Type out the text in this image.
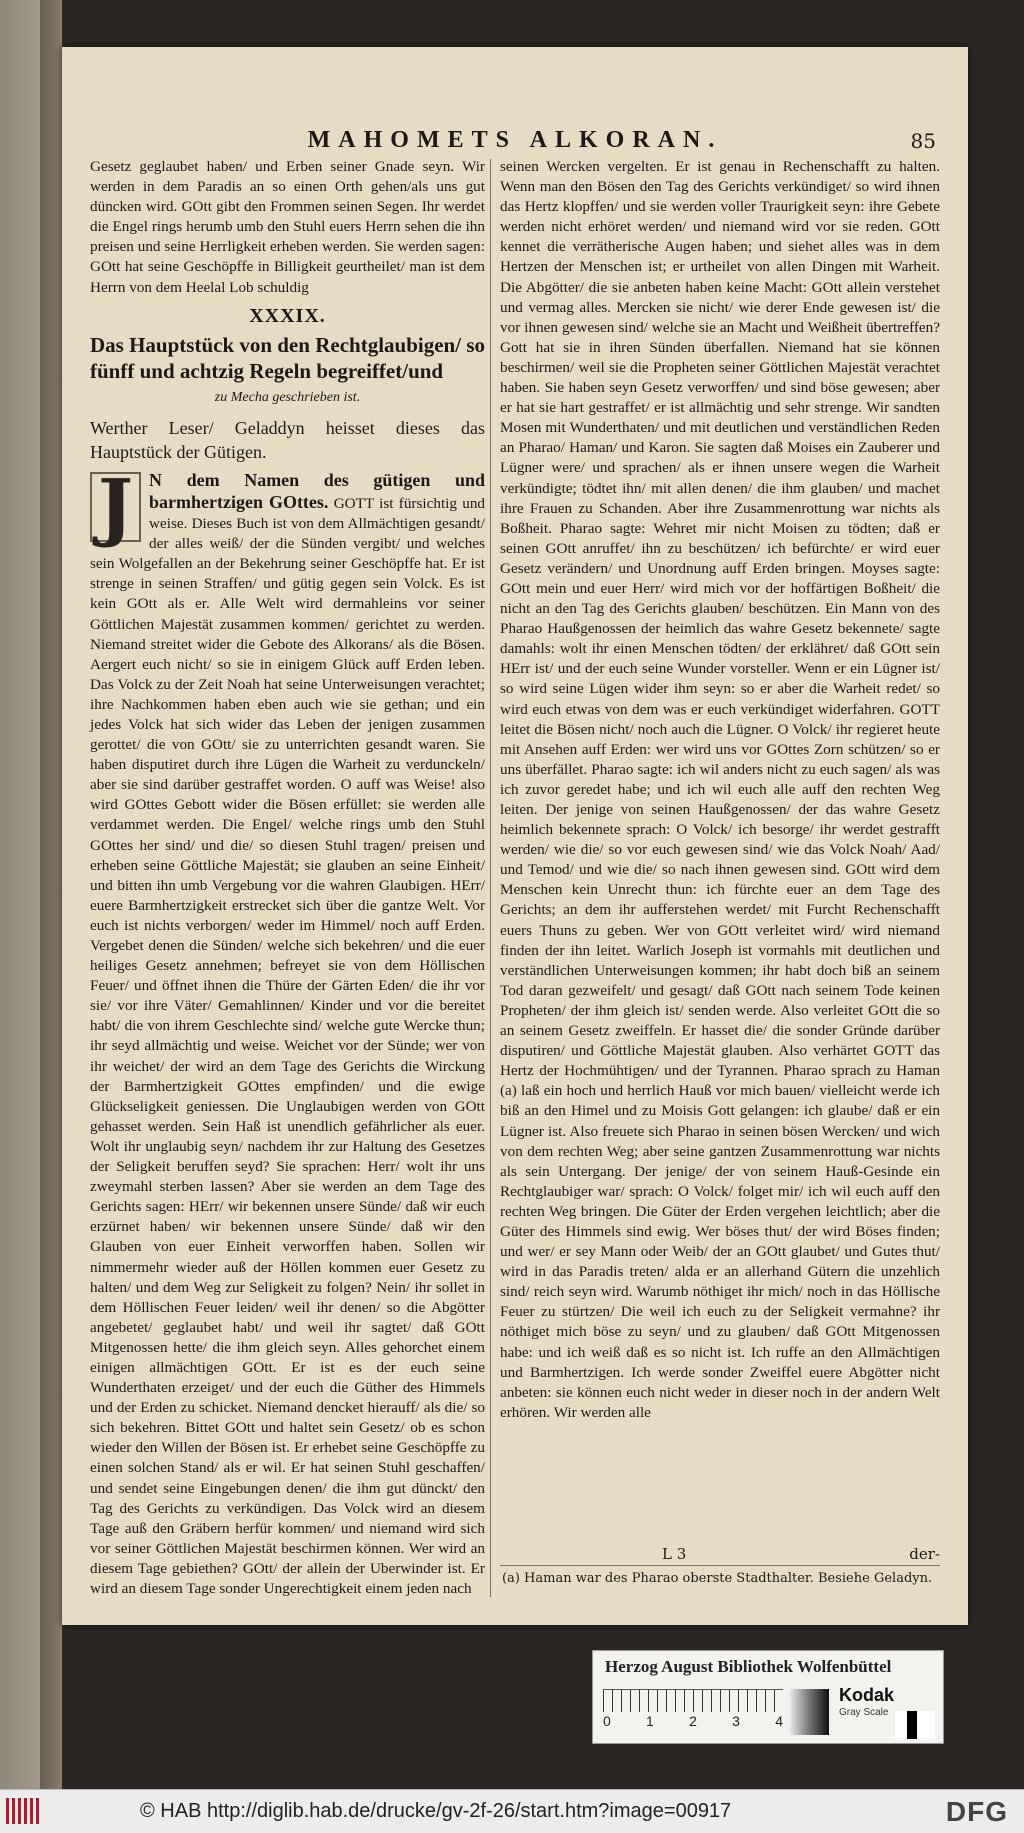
MAHOMETS ALKORAN.	85

Gesetz geglaubet haben/ und Erben seiner Gnade seyn. Wir werden in dem Paradis an so einen Orth gehen/als uns gut düncken wird. GOtt gibt den Frommen seinen Segen. Ihr werdet die Engel rings herumb umb den Stuhl euers Herrn sehen die ihn preisen und seine Herrligkeit erheben werden. Sie werden sagen: GOtt hat seine Geschöpffe in Billigkeit geurtheilet/ man ist dem Herrn von dem Heelal Lob schuldig

XXXIX.
Das Hauptstück von den Rechtglaubigen/ so fünff und achtzig Regeln begreiffet/und
zu Mecha geschrieben ist.
Werther Leser/ Geladdyn heisset dieses das Hauptstück der Gütigen.

J N dem Namen des gütigen und barmhertzigen GOttes. GOTT ist fürsichtig und weise. Dieses Buch ist von dem Allmächtigen gesandt/ der alles weiß/ der die Sünden vergibt/ und welches sein Wolgefallen an der Bekehrung seiner Geschöpffe hat. Er ist strenge in seinen Straffen/ und gütig gegen sein Volck. Es ist kein GOtt als er. Alle Welt wird dermahleins vor seiner Göttlichen Majestät zusammen kommen/ gerichtet zu werden. Niemand streitet wider die Gebote des Alkorans/ als die Bösen. Aergert euch nicht/ so sie in einigem Glück auff Erden leben. Das Volck zu der Zeit Noah hat seine Unterweisungen verachtet; ihre Nachkommen haben eben auch wie sie gethan; und ein jedes Volck hat sich wider das Leben der jenigen zusammen gerottet/ die von GOtt/ sie zu unterrichten gesandt waren. Sie haben disputiret durch ihre Lügen die Warheit zu verdunckeln/ aber sie sind darüber gestraffet worden. O auff was Weise! also wird GOttes Gebott wider die Bösen erfüllet: sie werden alle verdammet werden. Die Engel/ welche rings umb den Stuhl GOttes her sind/ und die/ so diesen Stuhl tragen/ preisen und erheben seine Göttliche Majestät; sie glauben an seine Einheit/ und bitten ihn umb Vergebung vor die wahren Glaubigen. HErr/ euere Barmhertzigkeit erstrecket sich über die gantze Welt. Vor euch ist nichts verborgen/ weder im Himmel/ noch auff Erden. Vergebet denen die Sünden/ welche sich bekehren/ und die euer heiliges Gesetz annehmen; befreyet sie von dem Höllischen Feuer/ und öffnet ihnen die Thüre der Gärten Eden/ die ihr vor sie/ vor ihre Väter/ Gemahlinnen/ Kinder und vor die bereitet habt/ die von ihrem Geschlechte sind/ welche gute Wercke thun; ihr seyd allmächtig und weise. Weichet vor der Sünde; wer von ihr weichet/ der wird an dem Tage des Gerichts die Wirckung der Barmhertzigkeit GOttes empfinden/ und die ewige Glückseligkeit geniessen. Die Unglaubigen werden von GOtt gehasset werden. Sein Haß ist unendlich gefährlicher als euer. Wolt ihr unglaubig seyn/ nachdem ihr zur Haltung des Gesetzes der Seligkeit beruffen seyd? Sie sprachen: Herr/ wolt ihr uns zweymahl sterben lassen? Aber sie werden an dem Tage des Gerichts sagen: HErr/ wir bekennen unsere Sünde/ daß wir euch erzürnet haben/ wir bekennen unsere Sünde/ daß wir den Glauben von euer Einheit verworffen haben. Sollen wir nimmermehr wieder auß der Höllen kommen euer Gesetz zu halten/ und dem Weg zur Seligkeit zu folgen? Nein/ ihr sollet in dem Höllischen Feuer leiden/ weil ihr denen/ so die Abgötter angebetet/ geglaubet habt/ und weil ihr sagtet/ daß GOtt Mitgenossen hette/ die ihm gleich seyn. Alles gehorchet einem einigen allmächtigen GOtt. Er ist es der euch seine Wunderthaten erzeiget/ und der euch die Güther des Himmels und der Erden zu schicket. Niemand dencket hierauff/ als die/ so sich bekehren. Bittet GOtt und haltet sein Gesetz/ ob es schon wieder den Willen der Bösen ist. Er erhebet seine Geschöpffe zu einen solchen Stand/ als er wil. Er hat seinen Stuhl geschaffen/ und sendet seine Eingebungen denen/ die ihm gut dünckt/ den Tag des Gerichts zu verkündigen. Das Volck wird an diesem Tage auß den Gräbern herfür kommen/ und niemand wird sich vor seiner Göttlichen Majestät beschirmen können. Wer wird an diesem Tage gebiethen? GOtt/ der allein der Uberwinder ist. Er wird an diesem Tage sonder Ungerechtigkeit einem jeden nach

seinen Wercken vergelten. Er ist genau in Rechenschafft zu halten. Wenn man den Bösen den Tag des Gerichts verkündiget/ so wird ihnen das Hertz klopffen/ und sie werden voller Traurigkeit seyn: ihre Gebete werden nicht erhöret werden/ und niemand wird vor sie reden. GOtt kennet die verrätherische Augen haben; und siehet alles was in dem Hertzen der Menschen ist; er urtheilet von allen Dingen mit Warheit. Die Abgötter/ die sie anbeten haben keine Macht: GOtt allein verstehet und vermag alles. Mercken sie nicht/ wie derer Ende gewesen ist/ die vor ihnen gewesen sind/ welche sie an Macht und Weißheit übertreffen? Gott hat sie in ihren Sünden überfallen. Niemand hat sie können beschirmen/ weil sie die Propheten seiner Göttlichen Majestät verachtet haben. Sie haben seyn Gesetz verworffen/ und sind böse gewesen; aber er hat sie hart gestraffet/ er ist allmächtig und sehr strenge. Wir sandten Mosen mit Wunderthaten/ und mit deutlichen und verständlichen Reden an Pharao/ Haman/ und Karon. Sie sagten daß Moises ein Zauberer und Lügner were/ und sprachen/ als er ihnen unsere wegen die Warheit verkündigte; tödtet ihn/ mit allen denen/ die ihm glauben/ und machet ihre Frauen zu Schanden. Aber ihre Zusammenrottung war nichts als Boßheit. Pharao sagte: Wehret mir nicht Moisen zu tödten; daß er seinen GOtt anruffet/ ihn zu beschützen/ ich befürchte/ er wird euer Gesetz verändern/ und Unordnung auff Erden bringen. Moyses sagte: GOtt mein und euer Herr/ wird mich vor der hoffärtigen Boßheit/ die nicht an den Tag des Gerichts glauben/ beschützen. Ein Mann von des Pharao Haußgenossen der heimlich das wahre Gesetz bekennete/ sagte damahls: wolt ihr einen Menschen tödten/ der erklähret/ daß GOtt sein HErr ist/ und der euch seine Wunder vorsteller. Wenn er ein Lügner ist/ so wird seine Lügen wider ihm seyn: so er aber die Warheit redet/ so wird euch etwas von dem was er euch verkündiget widerfahren. GOTT leitet die Bösen nicht/ noch auch die Lügner. O Volck/ ihr regieret heute mit Ansehen auff Erden: wer wird uns vor GOttes Zorn schützen/ so er uns überfället. Pharao sagte: ich wil anders nicht zu euch sagen/ als was ich zuvor geredet habe; und ich wil euch alle auff den rechten Weg leiten. Der jenige von seinen Haußgenossen/ der das wahre Gesetz heimlich bekennete sprach: O Volck/ ich besorge/ ihr werdet gestrafft werden/ wie die/ so vor euch gewesen sind/ wie das Volck Noah/ Aad/ und Temod/ und wie die/ so nach ihnen gewesen sind. GOtt wird dem Menschen kein Unrecht thun: ich fürchte euer an dem Tage des Gerichts; an dem ihr aufferstehen werdet/ mit Furcht Rechenschafft euers Thuns zu geben. Wer von GOtt verleitet wird/ wird niemand finden der ihn leitet. Warlich Joseph ist vormahls mit deutlichen und verständlichen Unterweisungen kommen; ihr habt doch biß an seinem Tod daran gezweifelt/ und gesagt/ daß GOtt nach seinem Tode keinen Propheten/ der ihm gleich ist/ senden werde. Also verleitet GOtt die so an seinem Gesetz zweiffeln. Er hasset die/ die sonder Gründe darüber disputiren/ und Göttliche Majestät glauben. Also verhärtet GOTT das Hertz der Hochmühtigen/ und der Tyrannen. Pharao sprach zu Haman (a) laß ein hoch und herrlich Hauß vor mich bauen/ vielleicht werde ich biß an den Himel und zu Moisis Gott gelangen: ich glaube/ daß er ein Lügner ist. Also freuete sich Pharao in seinen bösen Wercken/ und wich von dem rechten Weg; aber seine gantzen Zusammenrottung war nichts als sein Untergang. Der jenige/ der von seinem Hauß-Gesinde ein Rechtglaubiger war/ sprach: O Volck/ folget mir/ ich wil euch auff den rechten Weg bringen. Die Güter der Erden vergehen leichtlich; aber die Güter des Himmels sind ewig. Wer böses thut/ der wird Böses finden; und wer/ er sey Mann oder Weib/ der an GOtt glaubet/ und Gutes thut/ wird in das Paradis treten/ alda er an allerhand Gütern die unzehlich sind/ reich seyn wird. Warumb nöthiget ihr mich/ noch in das Höllische Feuer zu stürtzen/ Die weil ich euch zu der Seligkeit vermahne? ihr nöthiget mich böse zu seyn/ und zu glauben/ daß GOtt Mitgenossen habe: und ich weiß daß es so nicht ist. Ich ruffe an den Allmächtigen und Barmhertzigen. Ich werde sonder Zweiffel euere Abgötter nicht anbeten: sie können euch nicht weder in dieser noch in der andern Welt erhören. Wir werden alle

L 3	der-
(a) Haman war des Pharao oberste Stadthalter. Besiehe Geladyn.
Herzog August Bibliothek Wolfenbüttel
0	1	2	3	4
Kodak
Gray Scale
© HAB http://diglib.hab.de/drucke/gv-2f-26/start.htm?image=00917	DFG
